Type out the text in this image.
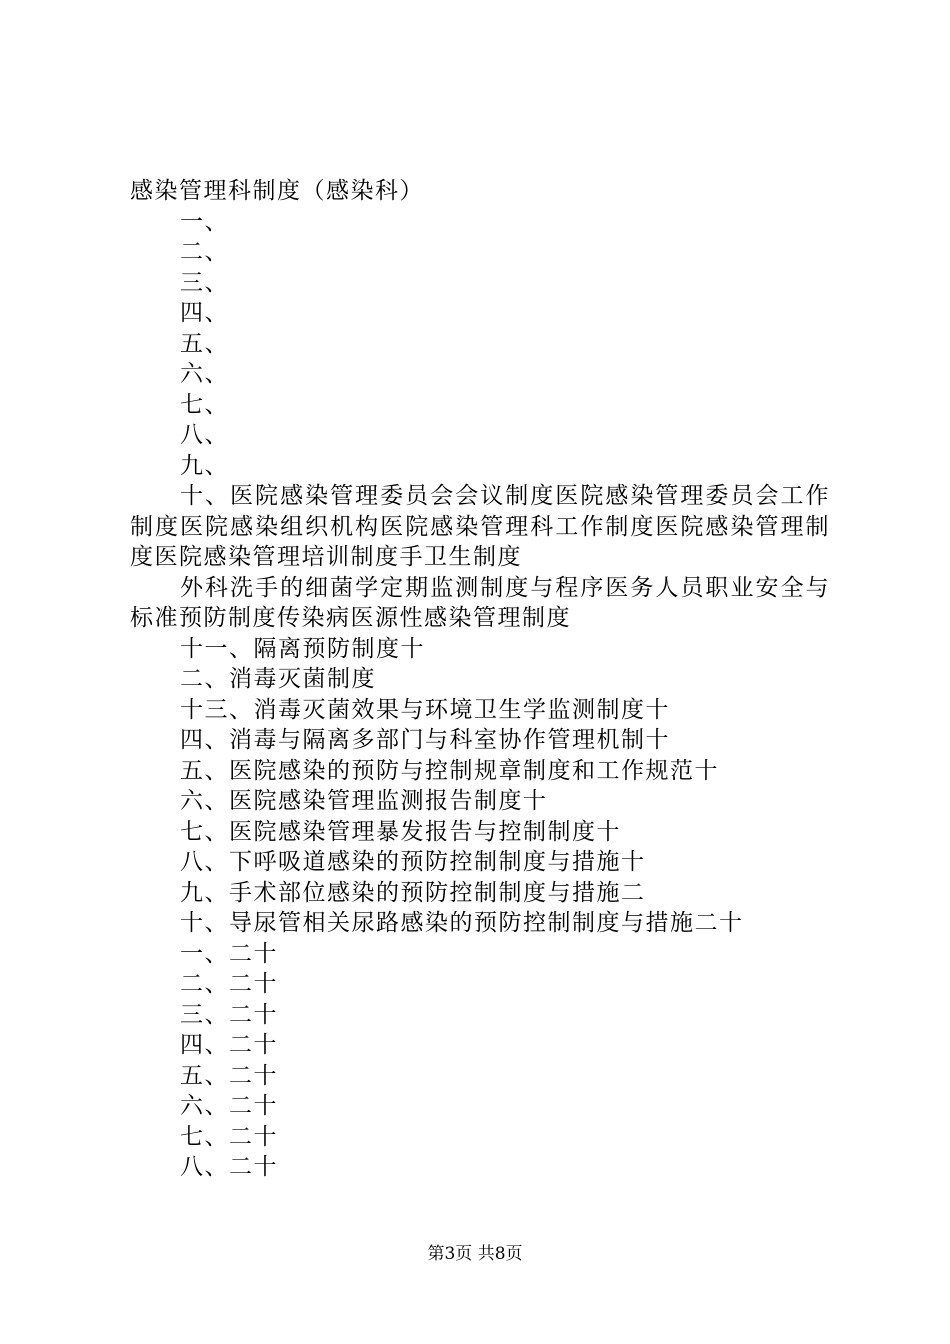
感染管理科制度（感染科）
一、
二、
三、
四、
五、
六、
七、
八、
九、
十、医院感染管理委员会会议制度医院感染管理委员会工作制度医院感染组织机构医院感染管理科工作制度医院感染管理制度医院感染管理培训制度手卫生制度
外科洗手的细菌学定期监测制度与程序医务人员职业安全与标准预防制度传染病医源性感染管理制度
十一、隔离预防制度十
二、消毒灭菌制度
十三、消毒灭菌效果与环境卫生学监测制度十
四、消毒与隔离多部门与科室协作管理机制十
五、医院感染的预防与控制规章制度和工作规范十
六、医院感染管理监测报告制度十
七、医院感染管理暴发报告与控制制度十
八、下呼吸道感染的预防控制制度与措施十
九、手术部位感染的预防控制制度与措施二
十、导尿管相关尿路感染的预防控制制度与措施二十
一、二十
二、二十
三、二十
四、二十
五、二十
六、二十
七、二十
八、二十
第3页 共8页
